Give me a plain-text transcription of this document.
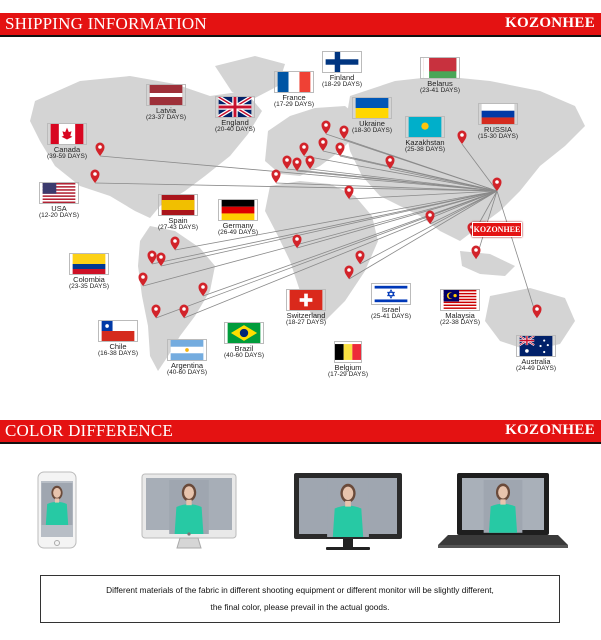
SHIPPING INFORMATION	KOZONHEE
KOZONHEE
Finland
(18-29 DAYS)	Belarus
(23-41 DAYS)
France
(17-29 DAYS)
Latvia
(23-37 DAYS)
England
(20-40 DAYS)
Ukraine
(18-30 DAYS)	RUSSIA
(15-30 DAYS)
Kazakhstan
(25-38 DAYS)
Canada
(39-59 DAYS)
USA
(12-20 DAYS)
Spain
(27-43 DAYS)	Germany
(26-49 DAYS)
Colombia
(23-35 DAYS)
Switzerland
(18-27 DAYS)
Israel
(25-41 DAYS)	Malaysia
(22-38 DAYS)
Chile
(16-38 DAYS)
Brazil
(40-60 DAYS)
Argentina
(40-60 DAYS)
Belgium
(17-29 DAYS)
Australia
(24-49 DAYS)
COLOR DIFFERENCE	KOZONHEE
Different materials of the fabric in different shooting equipment or different monitor will be slightly different,
the final color, please prevail in the actual goods.
